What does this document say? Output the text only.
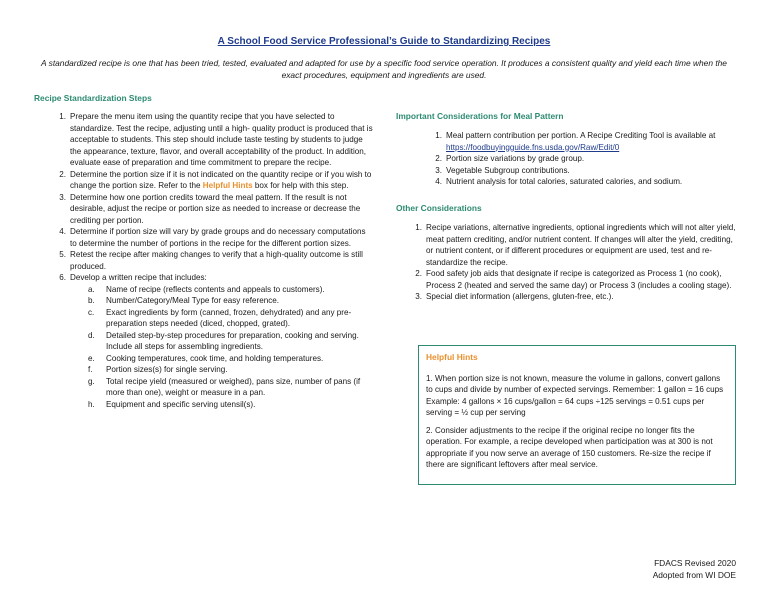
A School Food Service Professional’s Guide to Standardizing Recipes
A standardized recipe is one that has been tried, tested, evaluated and adapted for use by a specific food service operation. It produces a consistent quality and yield each time when the exact procedures, equipment and ingredients are used.
Recipe Standardization Steps
1. Prepare the menu item using the quantity recipe that you have selected to standardize. Test the recipe, adjusting until a high- quality product is produced that is acceptable to students. This step should include taste testing by students to judge the appearance, texture, flavor, and overall acceptability of the product. In addition, evaluate ease of preparation and time commitment to prepare the recipe.
2. Determine the portion size if it is not indicated on the quantity recipe or if you wish to change the portion size. Refer to the Helpful Hints box for help with this step.
3. Determine how one portion credits toward the meal pattern. If the result is not desirable, adjust the recipe or portion size as needed to increase or decrease the crediting per portion.
4. Determine if portion size will vary by grade groups and do necessary computations to determine the number of portions in the recipe for the different portion sizes.
5. Retest the recipe after making changes to verify that a high-quality outcome is still produced.
6. Develop a written recipe that includes:
a.	Name of recipe (reflects contents and appeals to customers).
b.	Number/Category/Meal Type for easy reference.
c.	Exact ingredients by form (canned, frozen, dehydrated) and any pre-preparation steps needed (diced, chopped, grated).
d.	Detailed step-by-step procedures for preparation, cooking and serving. Include all steps for assembling ingredients.
e.	Cooking temperatures, cook time, and holding temperatures.
f.	Portion sizes(s) for single serving.
g.	Total recipe yield (measured or weighed), pans size, number of pans (if more than one), weight or measure in a pan.
h.	Equipment and specific serving utensil(s).
Important Considerations for Meal Pattern
1. Meal pattern contribution per portion. A Recipe Crediting Tool is available at https://foodbuyingguide.fns.usda.gov/Raw/Edit/0
2. Portion size variations by grade group.
3. Vegetable Subgroup contributions.
4. Nutrient analysis for total calories, saturated calories, and sodium.
Other Considerations
1. Recipe variations, alternative ingredients, optional ingredients which will not alter yield, meat pattern crediting, and/or nutrient content. If changes will alter the yield, crediting, or nutrient content, or if different procedures or equipment are used, test and re-standardize the recipe.
2. Food safety job aids that designate if recipe is categorized as Process 1 (no cook), Process 2 (heated and served the same day) or Process 3 (includes a cooling stage).
3. Special diet information (allergens, gluten-free, etc.).
Helpful Hints

1. When portion size is not known, measure the volume in gallons, convert gallons to cups and divide by number of expected servings. Remember: 1 gallon = 16 cups Example: 4 gallons × 16 cups/gallon = 64 cups ÷125 servings = 0.51 cups per serving = ½ cup per serving

2. Consider adjustments to the recipe if the original recipe no longer fits the operation. For example, a recipe developed when participation was at 300 is not appropriate if you now serve an average of 150 customers. Re-size the recipe if there are significant leftovers after meal service.

FDACS Revised 2020
Adopted from WI DOE
